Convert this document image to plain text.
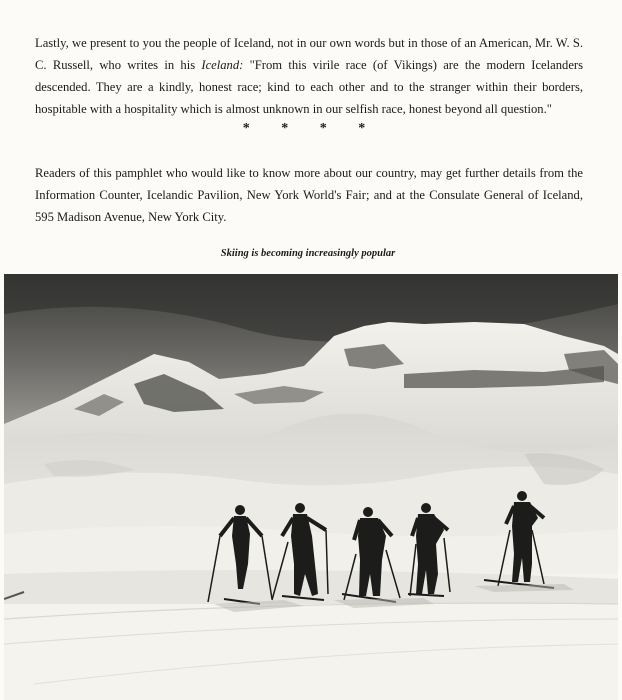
Lastly, we present to you the people of Iceland, not in our own words but in those of an American, Mr. W. S. C. Russell, who writes in his Iceland: "From this virile race (of Vikings) are the modern Icelanders descended. They are a kindly, honest race; kind to each other and to the stranger within their borders, hospitable with a hospitality which is almost unknown in our selfish race, honest beyond all question."

* * * *

Readers of this pamphlet who would like to know more about our country, may get further details from the Information Counter, Icelandic Pavilion, New York World's Fair; and at the Consulate General of Iceland, 595 Madison Avenue, New York City.

Skiing is becoming increasingly popular
